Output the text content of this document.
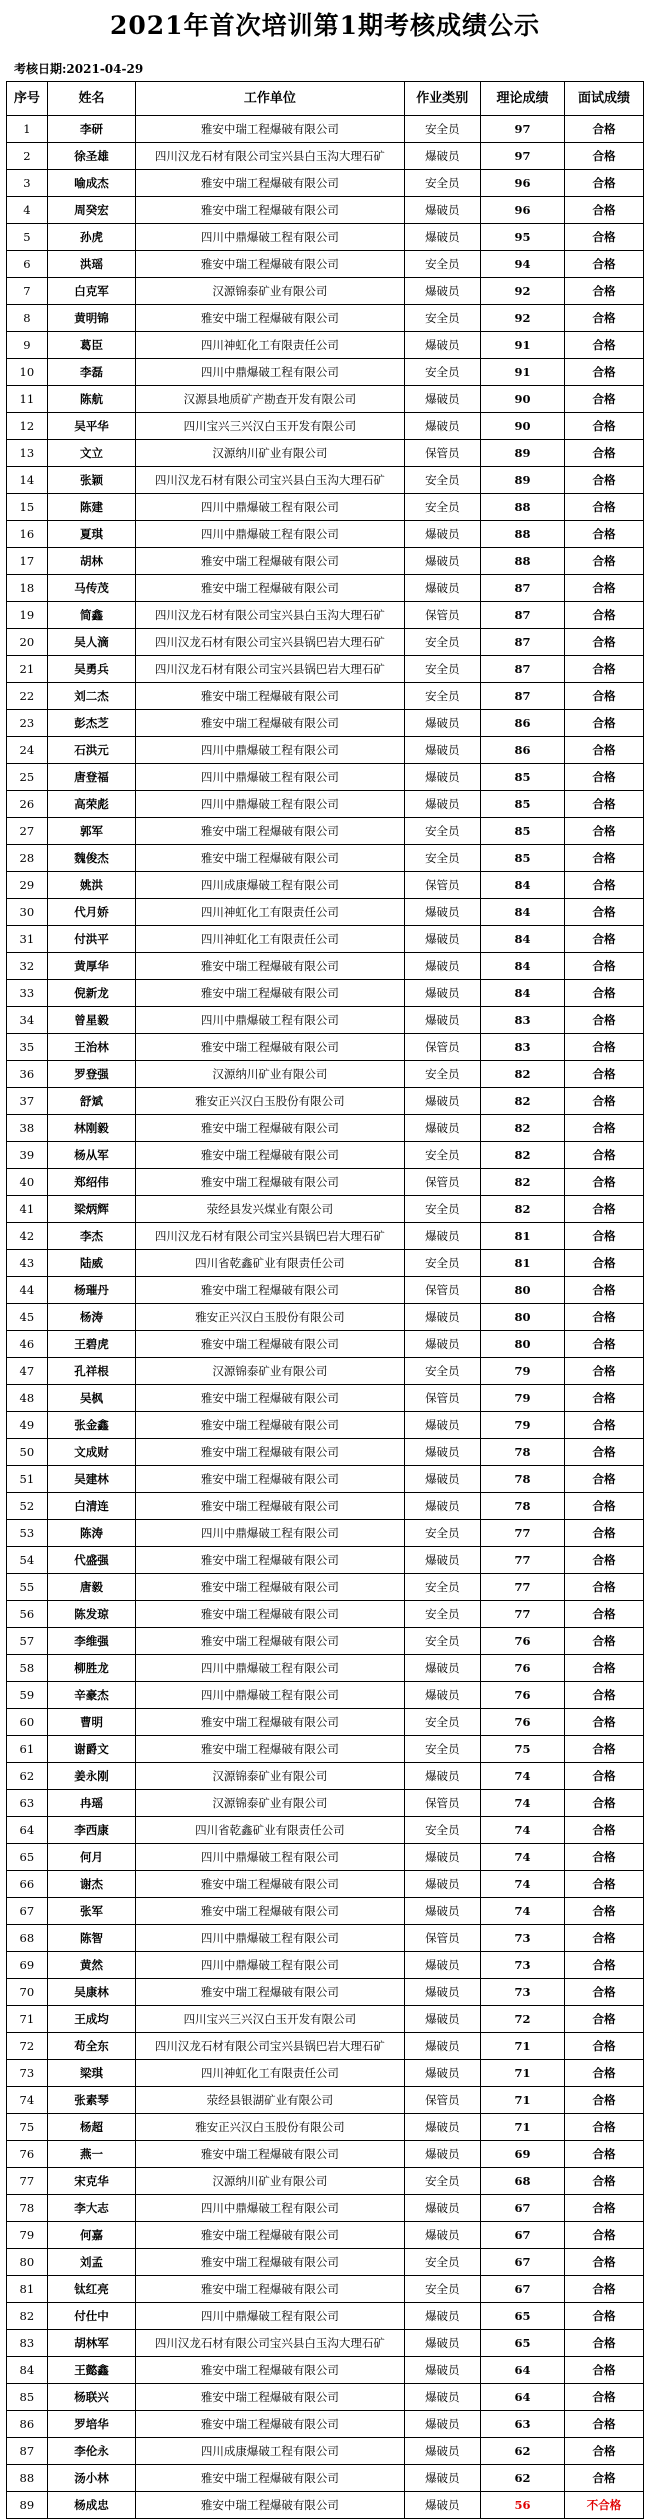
2021年首次培训第1期考核成绩公示
考核日期:2021-04-29
序号	姓名	工作单位	作业类别	理论成绩	面试成绩
1	李研	雅安中瑞工程爆破有限公司	安全员	97	合格
2	徐圣雄	四川汉龙石材有限公司宝兴县白玉沟大理石矿	爆破员	97	合格
3	喻成杰	雅安中瑞工程爆破有限公司	安全员	96	合格
4	周癸宏	雅安中瑞工程爆破有限公司	爆破员	96	合格
5	孙虎	四川中鼎爆破工程有限公司	爆破员	95	合格
6	洪瑶	雅安中瑞工程爆破有限公司	安全员	94	合格
7	白克军	汉源锦泰矿业有限公司	爆破员	92	合格
8	黄明锦	雅安中瑞工程爆破有限公司	安全员	92	合格
9	葛臣	四川神虹化工有限责任公司	爆破员	91	合格
10	李磊	四川中鼎爆破工程有限公司	安全员	91	合格
11	陈航	汉源县地质矿产勘查开发有限公司	爆破员	90	合格
12	吴平华	四川宝兴三兴汉白玉开发有限公司	爆破员	90	合格
13	文立	汉源纳川矿业有限公司	保管员	89	合格
14	张颖	四川汉龙石材有限公司宝兴县白玉沟大理石矿	安全员	89	合格
15	陈建	四川中鼎爆破工程有限公司	安全员	88	合格
16	夏琪	四川中鼎爆破工程有限公司	爆破员	88	合格
17	胡林	雅安中瑞工程爆破有限公司	爆破员	88	合格
18	马传茂	雅安中瑞工程爆破有限公司	爆破员	87	合格
19	简鑫	四川汉龙石材有限公司宝兴县白玉沟大理石矿	保管员	87	合格
20	吴人滴	四川汉龙石材有限公司宝兴县锅巴岩大理石矿	安全员	87	合格
21	吴勇兵	四川汉龙石材有限公司宝兴县锅巴岩大理石矿	安全员	87	合格
22	刘二杰	雅安中瑞工程爆破有限公司	安全员	87	合格
23	彭杰芝	雅安中瑞工程爆破有限公司	爆破员	86	合格
24	石洪元	四川中鼎爆破工程有限公司	爆破员	86	合格
25	唐登福	四川中鼎爆破工程有限公司	爆破员	85	合格
26	高荣彪	四川中鼎爆破工程有限公司	爆破员	85	合格
27	郭军	雅安中瑞工程爆破有限公司	安全员	85	合格
28	魏俊杰	雅安中瑞工程爆破有限公司	安全员	85	合格
29	姚洪	四川成康爆破工程有限公司	保管员	84	合格
30	代月娇	四川神虹化工有限责任公司	爆破员	84	合格
31	付洪平	四川神虹化工有限责任公司	爆破员	84	合格
32	黄厚华	雅安中瑞工程爆破有限公司	爆破员	84	合格
33	倪新龙	雅安中瑞工程爆破有限公司	爆破员	84	合格
34	曾星毅	四川中鼎爆破工程有限公司	爆破员	83	合格
35	王治林	雅安中瑞工程爆破有限公司	保管员	83	合格
36	罗登强	汉源纳川矿业有限公司	安全员	82	合格
37	舒斌	雅安正兴汉白玉股份有限公司	爆破员	82	合格
38	林刚毅	雅安中瑞工程爆破有限公司	爆破员	82	合格
39	杨从军	雅安中瑞工程爆破有限公司	安全员	82	合格
40	郑绍伟	雅安中瑞工程爆破有限公司	保管员	82	合格
41	梁炳辉	荥经县发兴煤业有限公司	安全员	82	合格
42	李杰	四川汉龙石材有限公司宝兴县锅巴岩大理石矿	爆破员	81	合格
43	陆威	四川省乾鑫矿业有限责任公司	安全员	81	合格
44	杨璀丹	雅安中瑞工程爆破有限公司	保管员	80	合格
45	杨涛	雅安正兴汉白玉股份有限公司	爆破员	80	合格
46	王碧虎	雅安中瑞工程爆破有限公司	爆破员	80	合格
47	孔祥根	汉源锦泰矿业有限公司	安全员	79	合格
48	吴枫	雅安中瑞工程爆破有限公司	保管员	79	合格
49	张金鑫	雅安中瑞工程爆破有限公司	爆破员	79	合格
50	文成财	雅安中瑞工程爆破有限公司	爆破员	78	合格
51	吴建林	雅安中瑞工程爆破有限公司	爆破员	78	合格
52	白清连	雅安中瑞工程爆破有限公司	爆破员	78	合格
53	陈涛	四川中鼎爆破工程有限公司	安全员	77	合格
54	代盛强	雅安中瑞工程爆破有限公司	爆破员	77	合格
55	唐毅	雅安中瑞工程爆破有限公司	安全员	77	合格
56	陈发琼	雅安中瑞工程爆破有限公司	安全员	77	合格
57	李维强	雅安中瑞工程爆破有限公司	安全员	76	合格
58	柳胜龙	四川中鼎爆破工程有限公司	爆破员	76	合格
59	辛豪杰	四川中鼎爆破工程有限公司	爆破员	76	合格
60	曹明	雅安中瑞工程爆破有限公司	安全员	76	合格
61	谢爵文	雅安中瑞工程爆破有限公司	安全员	75	合格
62	姜永刚	汉源锦泰矿业有限公司	爆破员	74	合格
63	冉瑶	汉源锦泰矿业有限公司	保管员	74	合格
64	李西康	四川省乾鑫矿业有限责任公司	安全员	74	合格
65	何月	四川中鼎爆破工程有限公司	爆破员	74	合格
66	谢杰	雅安中瑞工程爆破有限公司	爆破员	74	合格
67	张军	雅安中瑞工程爆破有限公司	爆破员	74	合格
68	陈智	四川中鼎爆破工程有限公司	保管员	73	合格
69	黄然	四川中鼎爆破工程有限公司	爆破员	73	合格
70	吴康林	雅安中瑞工程爆破有限公司	爆破员	73	合格
71	王成均	四川宝兴三兴汉白玉开发有限公司	爆破员	72	合格
72	苟全东	四川汉龙石材有限公司宝兴县锅巴岩大理石矿	爆破员	71	合格
73	梁琪	四川神虹化工有限责任公司	爆破员	71	合格
74	张素琴	荥经县银湖矿业有限公司	保管员	71	合格
75	杨超	雅安正兴汉白玉股份有限公司	爆破员	71	合格
76	燕一	雅安中瑞工程爆破有限公司	爆破员	69	合格
77	宋克华	汉源纳川矿业有限公司	安全员	68	合格
78	李大志	四川中鼎爆破工程有限公司	爆破员	67	合格
79	何嘉	雅安中瑞工程爆破有限公司	爆破员	67	合格
80	刘孟	雅安中瑞工程爆破有限公司	安全员	67	合格
81	钛红亮	雅安中瑞工程爆破有限公司	安全员	67	合格
82	付仕中	四川中鼎爆破工程有限公司	爆破员	65	合格
83	胡林军	四川汉龙石材有限公司宝兴县白玉沟大理石矿	爆破员	65	合格
84	王懿鑫	雅安中瑞工程爆破有限公司	爆破员	64	合格
85	杨联兴	雅安中瑞工程爆破有限公司	爆破员	64	合格
86	罗培华	雅安中瑞工程爆破有限公司	爆破员	63	合格
87	李伦永	四川成康爆破工程有限公司	爆破员	62	合格
88	汤小林	雅安中瑞工程爆破有限公司	爆破员	62	合格
89	杨成忠	雅安中瑞工程爆破有限公司	爆破员	56	不合格
